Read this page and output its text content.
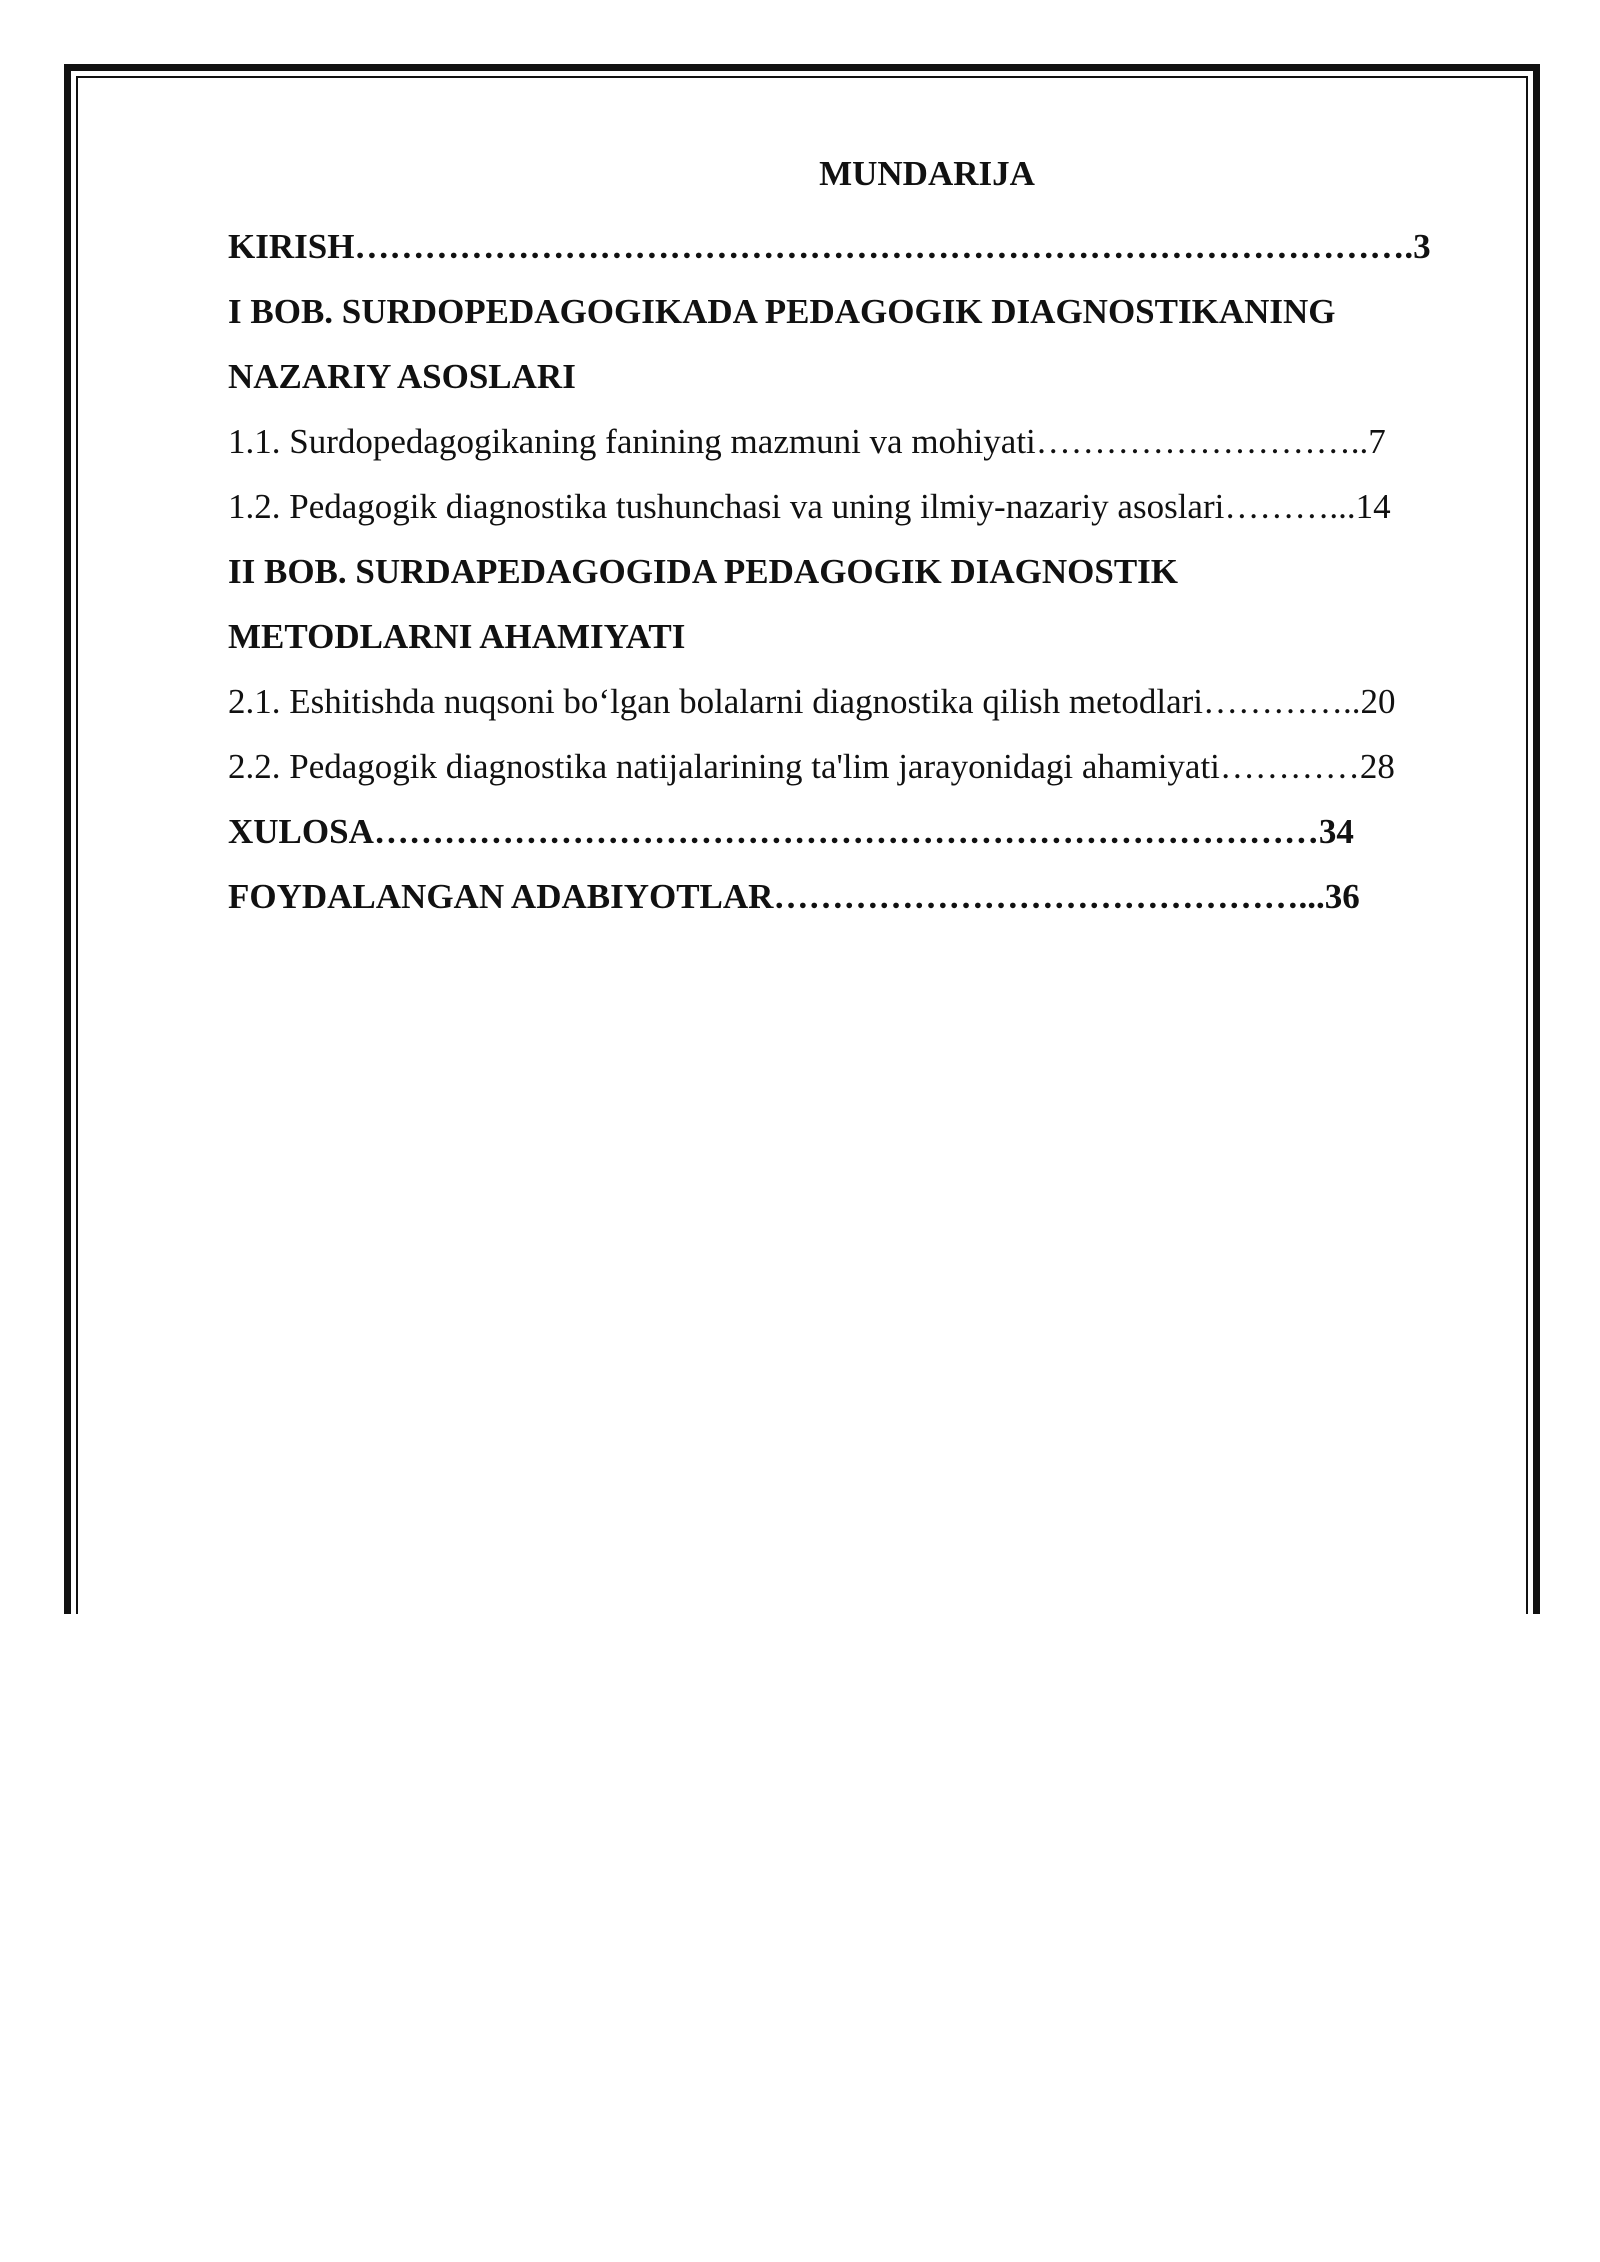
MUNDARIJA
KIRISH……………………………………………………………………………….3
I BOB. SURDOPEDAGOGIKADA PEDAGOGIK DIAGNOSTIKANING
NAZARIY ASOSLARI
1.1. Surdopedagogikaning fanining mazmuni va mohiyati………………………..7
1.2. Pedagogik diagnostika tushunchasi va uning ilmiy-nazariy asoslari………...14
II BOB. SURDAPEDAGOGIDA PEDAGOGIK DIAGNOSTIK
METODLARNI AHAMIYATI
2.1. Eshitishda nuqsoni bo‘lgan bolalarni diagnostika qilish metodlari…………..20
2.2. Pedagogik diagnostika natijalarining ta'lim jarayonidagi ahamiyati…………28
XULOSA………………………………………………………………………34
FOYDALANGAN ADABIYOTLAR………………………………………...36
